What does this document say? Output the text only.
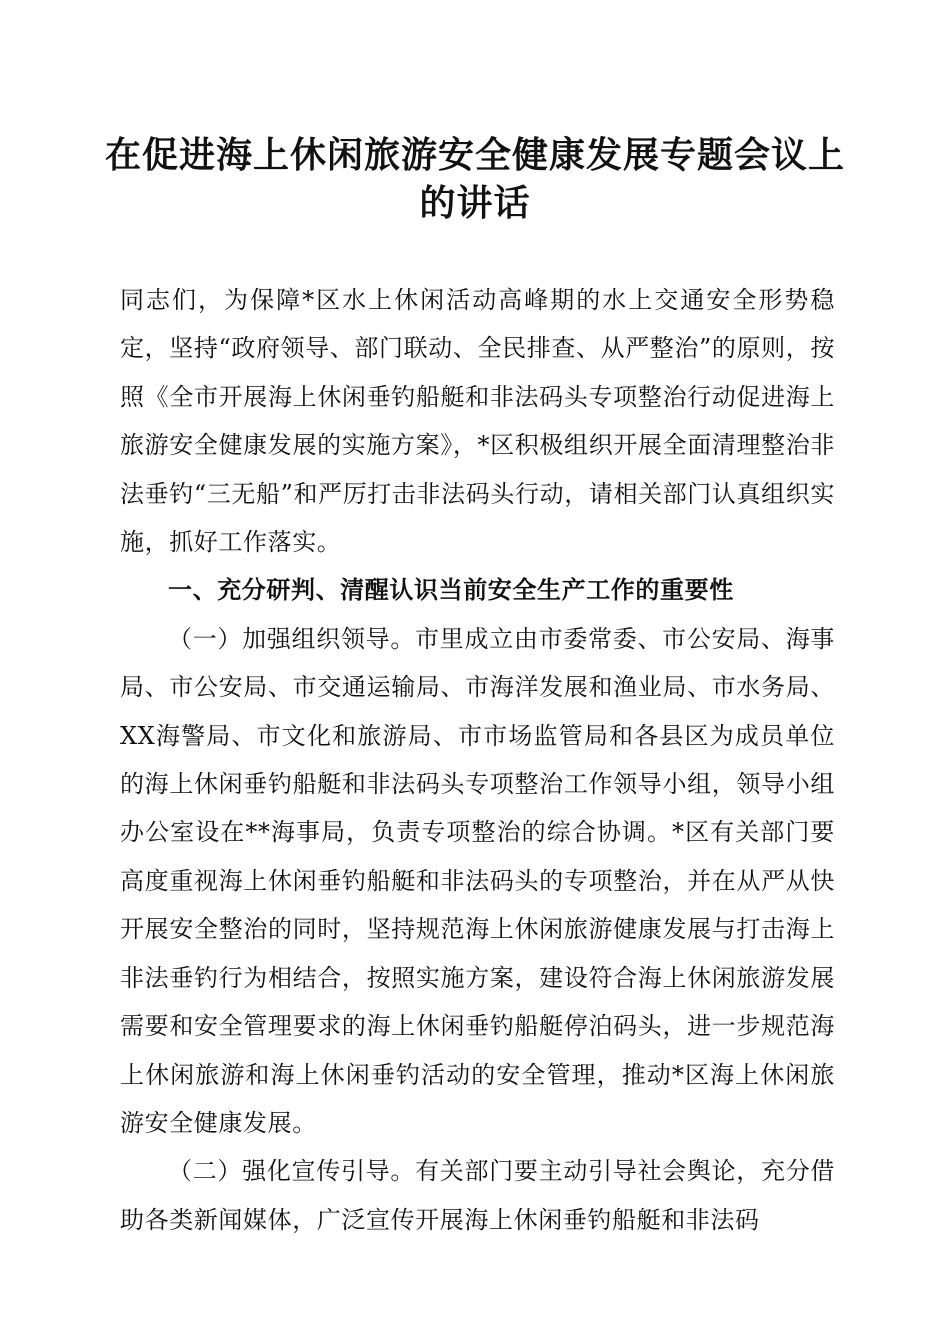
在促进海上休闲旅游安全健康发展专题会议上
的讲话

同志们，为保障*区水上休闲活动高峰期的水上交通安全形势稳定，坚持“政府领导、部门联动、全民排查、从严整治”的原则，按照《全市开展海上休闲垂钓船艇和非法码头专项整治行动促进海上旅游安全健康发展的实施方案》，*区积极组织开展全面清理整治非法垂钓“三无船”和严厉打击非法码头行动，请相关部门认真组织实施，抓好工作落实。

一、充分研判、清醒认识当前安全生产工作的重要性

（一）加强组织领导。市里成立由市委常委、市公安局、海事局、市公安局、市交通运输局、市海洋发展和渔业局、市水务局、XX海警局、市文化和旅游局、市市场监管局和各县区为成员单位的海上休闲垂钓船艇和非法码头专项整治工作领导小组，领导小组办公室设在**海事局，负责专项整治的综合协调。*区有关部门要高度重视海上休闲垂钓船艇和非法码头的专项整治，并在从严从快开展安全整治的同时，坚持规范海上休闲旅游健康发展与打击海上非法垂钓行为相结合，按照实施方案，建设符合海上休闲旅游发展需要和安全管理要求的海上休闲垂钓船艇停泊码头，进一步规范海上休闲旅游和海上休闲垂钓活动的安全管理，推动*区海上休闲旅游安全健康发展。

（二）强化宣传引导。有关部门要主动引导社会舆论，充分借助各类新闻媒体，广泛宣传开展海上休闲垂钓船艇和非法码
